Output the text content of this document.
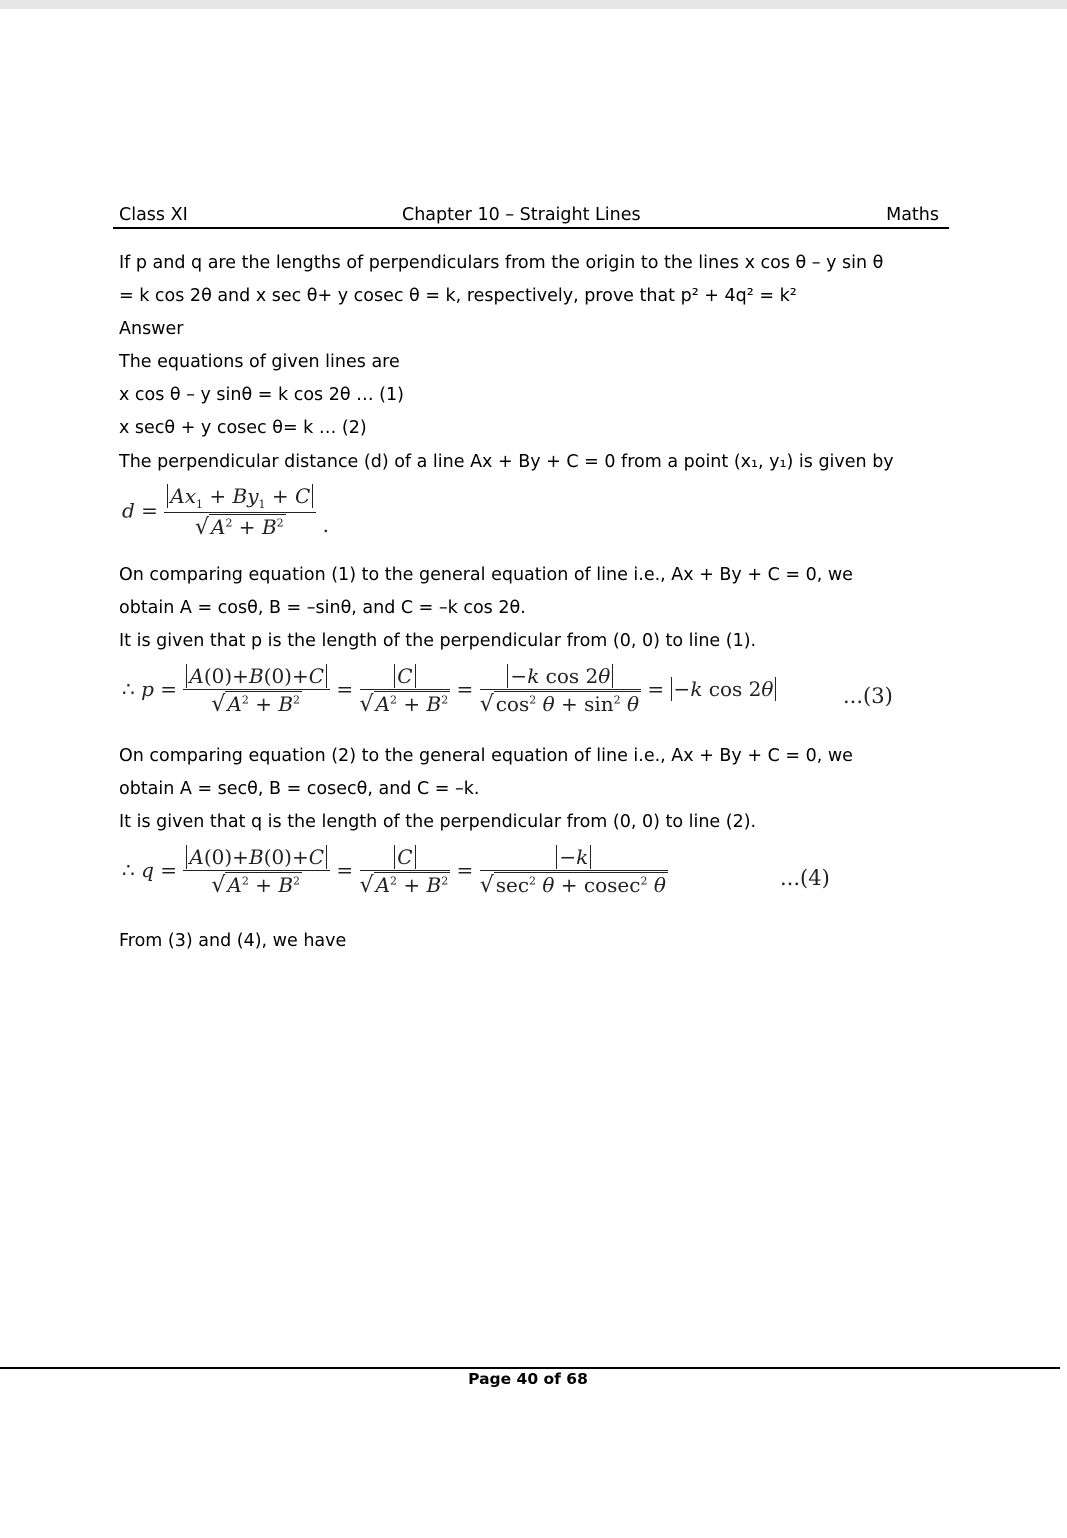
Class XI	Chapter 10 – Straight Lines	Maths
If p and q are the lengths of perpendiculars from the origin to the lines x cos θ – y sin θ
= k cos 2θ and x sec θ+ y cosec θ = k, respectively, prove that p² + 4q² = k²
Answer
The equations of given lines are
x cos θ – y sinθ = k cos 2θ … (1)
x secθ + y cosec θ= k … (2)
The perpendicular distance (d) of a line Ax + By + C = 0 from a point (x₁, y₁) is given by
$d = \frac{Ax_1 + By_1 + C}{√ A^2 + B^2}$ .
On comparing equation (1) to the general equation of line i.e., Ax + By + C = 0, we
obtain A = cosθ, B = –sinθ, and C = –k cos 2θ.
It is given that p is the length of the perpendicular from (0, 0) to line (1).
∴ $p = \frac{A(0)+B(0)+C}{√ A^2 + B^2} = \frac{C}{√ A^2 + B^2} = \frac{\text{−k cos 2θ}}{√ \cos^2 \theta + \sin^2 \theta} = -k$ cos 2θ	...(3)
On comparing equation (2) to the general equation of line i.e., Ax + By + C = 0, we
obtain A = secθ, B = cosecθ, and C = –k.
It is given that q is the length of the perpendicular from (0, 0) to line (2).
∴ $q = \frac{A(0)+B(0)+C}{√ A^2 + B^2} = \frac{C}{√ A^2 + B^2} = \frac{-k}{√ \sec^2 \theta + cosec^2 \theta}$	...(4)
From (3) and (4), we have
Page 40 of 68
